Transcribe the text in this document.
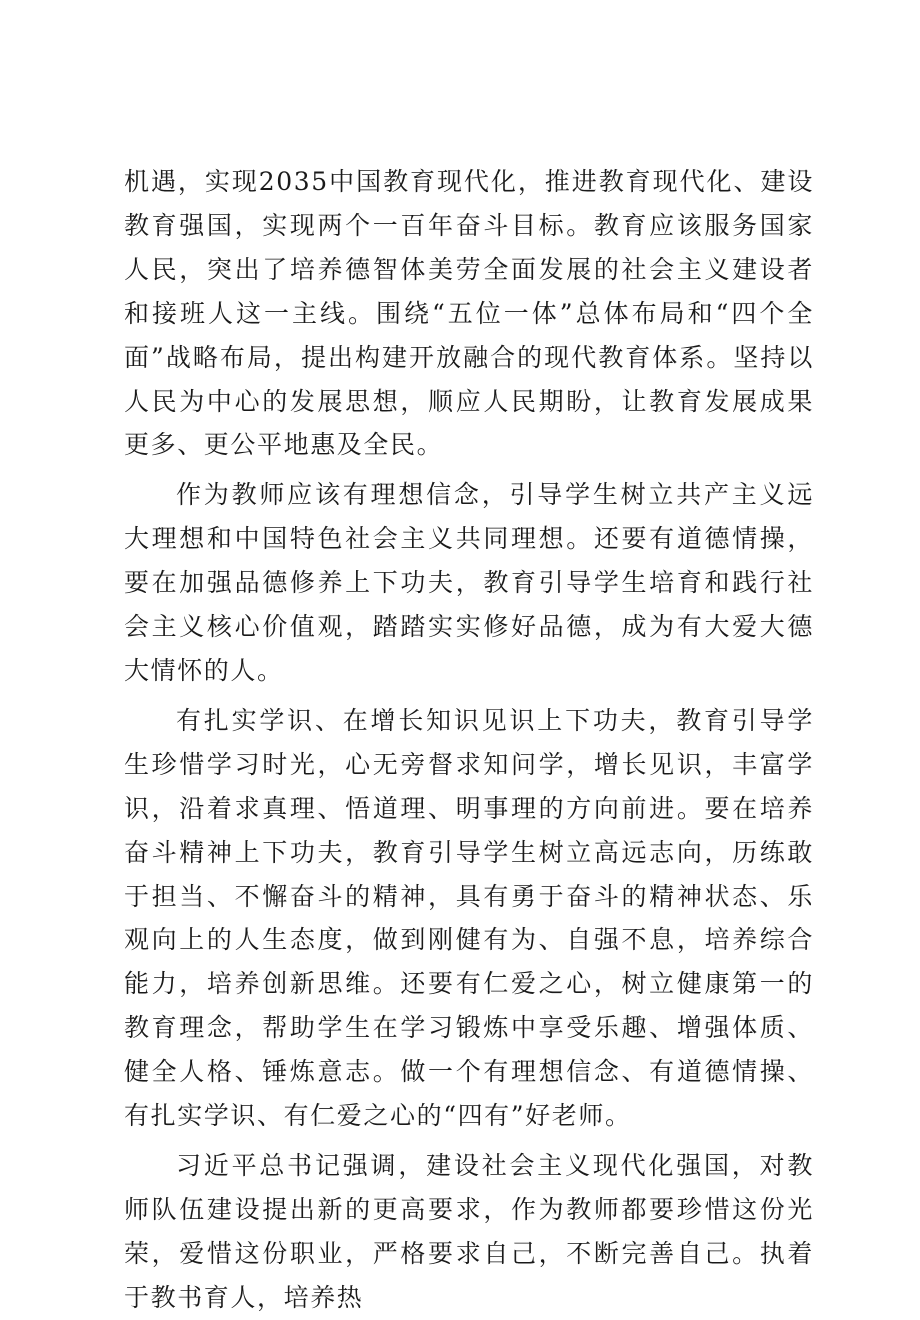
机遇，实现2035中国教育现代化，推进教育现代化、建设教育强国，实现两个一百年奋斗目标。教育应该服务国家人民，突出了培养德智体美劳全面发展的社会主义建设者和接班人这一主线。围绕“五位一体”总体布局和“四个全面”战略布局，提出构建开放融合的现代教育体系。坚持以人民为中心的发展思想，顺应人民期盼，让教育发展成果更多、更公平地惠及全民。

作为教师应该有理想信念，引导学生树立共产主义远大理想和中国特色社会主义共同理想。还要有道德情操，要在加强品德修养上下功夫，教育引导学生培育和践行社会主义核心价值观，踏踏实实修好品德，成为有大爱大德大情怀的人。

有扎实学识、在增长知识见识上下功夫，教育引导学生珍惜学习时光，心无旁督求知问学，增长见识，丰富学识，沿着求真理、悟道理、明事理的方向前进。要在培养奋斗精神上下功夫，教育引导学生树立高远志向，历练敢于担当、不懈奋斗的精神，具有勇于奋斗的精神状态、乐观向上的人生态度，做到刚健有为、自强不息，培养综合能力，培养创新思维。还要有仁爱之心，树立健康第一的教育理念，帮助学生在学习锻炼中享受乐趣、增强体质、健全人格、锤炼意志。做一个有理想信念、有道德情操、有扎实学识、有仁爱之心的“四有”好老师。

习近平总书记强调，建设社会主义现代化强国，对教师队伍建设提出新的更高要求，作为教师都要珍惜这份光荣，爱惜这份职业，严格要求自己，不断完善自己。执着于教书育人，培养热
